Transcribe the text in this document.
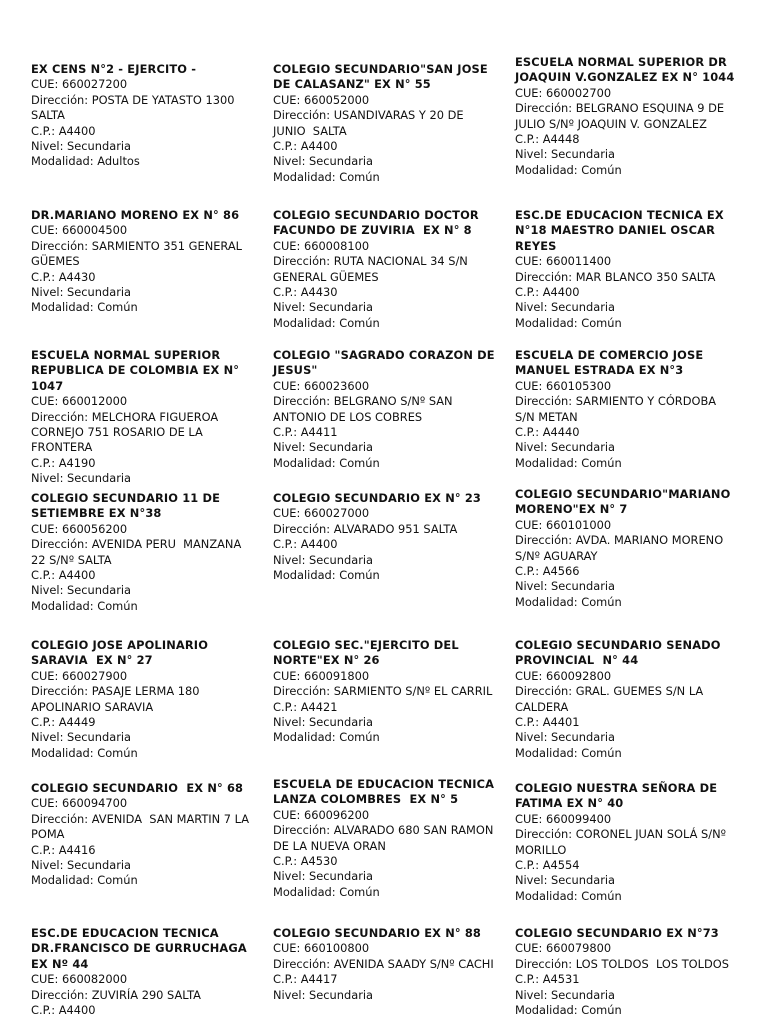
EX CENS N°2 - EJERCITO -
CUE: 660027200
Dirección: POSTA DE YATASTO 1300 SALTA
C.P.: A4400
Nivel: Secundaria
Modalidad: Adultos
COLEGIO SECUNDARIO"SAN JOSE DE CALASANZ" EX N° 55
CUE: 660052000
Dirección: USANDIVARAS Y 20 DE JUNIO  SALTA
C.P.: A4400
Nivel: Secundaria
Modalidad: Común
ESCUELA NORMAL SUPERIOR DR JOAQUIN V.GONZALEZ EX N° 1044
CUE: 660002700
Dirección: BELGRANO ESQUINA 9 DE JULIO S/Nº JOAQUIN V. GONZALEZ
C.P.: A4448
Nivel: Secundaria
Modalidad: Común
DR.MARIANO MORENO EX N° 86
CUE: 660004500
Dirección: SARMIENTO 351 GENERAL GÜEMES
C.P.: A4430
Nivel: Secundaria
Modalidad: Común
COLEGIO SECUNDARIO DOCTOR FACUNDO DE ZUVIRIA  EX N° 8
CUE: 660008100
Dirección: RUTA NACIONAL 34 S/N GENERAL GÜEMES
C.P.: A4430
Nivel: Secundaria
Modalidad: Común
ESC.DE EDUCACION TECNICA EX N°18 MAESTRO DANIEL OSCAR REYES
CUE: 660011400
Dirección: MAR BLANCO 350 SALTA
C.P.: A4400
Nivel: Secundaria
Modalidad: Común
ESCUELA NORMAL SUPERIOR REPUBLICA DE COLOMBIA EX N° 1047
CUE: 660012000
Dirección: MELCHORA FIGUEROA CORNEJO 751 ROSARIO DE LA FRONTERA
C.P.: A4190
Nivel: Secundaria
COLEGIO "SAGRADO CORAZON DE JESUS"
CUE: 660023600
Dirección: BELGRANO S/Nº SAN ANTONIO DE LOS COBRES
C.P.: A4411
Nivel: Secundaria
Modalidad: Común
ESCUELA DE COMERCIO JOSE MANUEL ESTRADA EX N°3
CUE: 660105300
Dirección: SARMIENTO Y CÓRDOBA S/N METAN
C.P.: A4440
Nivel: Secundaria
Modalidad: Común
COLEGIO SECUNDARIO 11 DE SETIEMBRE EX N°38
CUE: 660056200
Dirección: AVENIDA PERU  MANZANA 22 S/Nº SALTA
C.P.: A4400
Nivel: Secundaria
Modalidad: Común
COLEGIO SECUNDARIO EX N° 23
CUE: 660027000
Dirección: ALVARADO 951 SALTA
C.P.: A4400
Nivel: Secundaria
Modalidad: Común
COLEGIO SECUNDARIO"MARIANO MORENO"EX N° 7
CUE: 660101000
Dirección: AVDA. MARIANO MORENO S/Nº AGUARAY
C.P.: A4566
Nivel: Secundaria
Modalidad: Común
COLEGIO JOSE APOLINARIO SARAVIA  EX N° 27
CUE: 660027900
Dirección: PASAJE LERMA 180 APOLINARIO SARAVIA
C.P.: A4449
Nivel: Secundaria
Modalidad: Común
COLEGIO SEC."EJERCITO DEL NORTE"EX N° 26
CUE: 660091800
Dirección: SARMIENTO S/Nº EL CARRIL
C.P.: A4421
Nivel: Secundaria
Modalidad: Común
COLEGIO SECUNDARIO SENADO PROVINCIAL  N° 44
CUE: 660092800
Dirección: GRAL. GUEMES S/N LA CALDERA
C.P.: A4401
Nivel: Secundaria
Modalidad: Común
COLEGIO SECUNDARIO  EX N° 68
CUE: 660094700
Dirección: AVENIDA  SAN MARTIN 7 LA POMA
C.P.: A4416
Nivel: Secundaria
Modalidad: Común
ESCUELA DE EDUCACION TECNICA LANZA COLOMBRES  EX N° 5
CUE: 660096200
Dirección: ALVARADO 680 SAN RAMON DE LA NUEVA ORAN
C.P.: A4530
Nivel: Secundaria
Modalidad: Común
COLEGIO NUESTRA SEÑORA DE FATIMA EX N° 40
CUE: 660099400
Dirección: CORONEL JUAN SOLÁ S/Nº MORILLO
C.P.: A4554
Nivel: Secundaria
Modalidad: Común
ESC.DE EDUCACION TECNICA DR.FRANCISCO DE GURRUCHAGA EX Nº 44
CUE: 660082000
Dirección: ZUVIRÍA 290 SALTA
C.P.: A4400
COLEGIO SECUNDARIO EX N° 88
CUE: 660100800
Dirección: AVENIDA SAADY S/Nº CACHI
C.P.: A4417
Nivel: Secundaria
COLEGIO SECUNDARIO EX N°73
CUE: 660079800
Dirección: LOS TOLDOS  LOS TOLDOS
C.P.: A4531
Nivel: Secundaria
Modalidad: Común
